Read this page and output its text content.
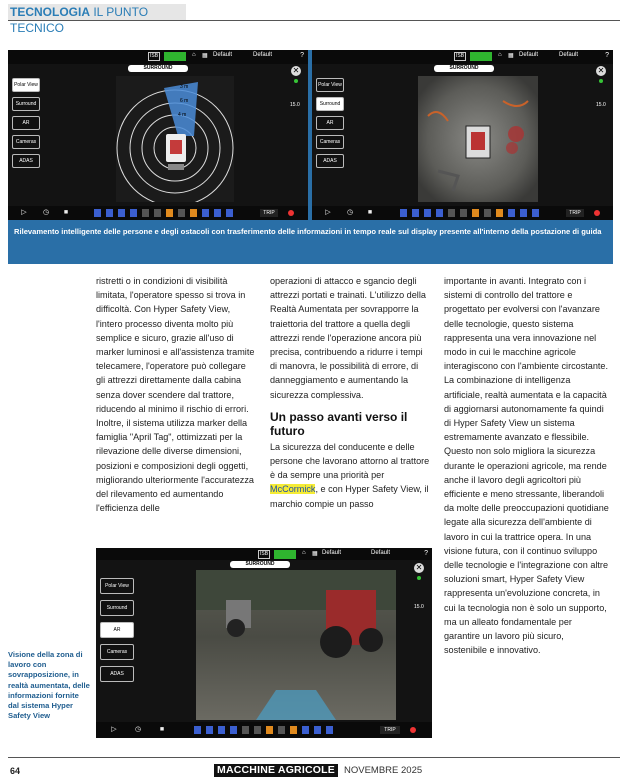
TECNOLOGIA IL PUNTO TECNICO
ISB	⌂ ▦ Default	Default	?
SURROUND
Polar View
Surround
AR
Cameras
ADAS
3 m
6 m
4 m
✕
15.0
▷ ◷ ■	TRIP
ISB	⌂ ▦ Default	Default	?
SURROUND
Polar View
Surround
AR
Cameras
ADAS
✕
15.0
▷ ◷ ■	TRIP
Rilevamento intelligente delle persone e degli ostacoli con trasferimento delle informazioni in tempo reale sul display presente all'interno della postazione di guida

ristretti o in condizioni di visibilità limitata, l'operatore spesso si trova in difficoltà. Con Hyper Safety View, l'intero processo diventa molto più semplice e sicuro, grazie all'uso di marker luminosi e all'assistenza tramite telecamere, l'operatore può collegare gli attrezzi direttamente dalla cabina senza dover scendere dal trattore, riducendo al minimo il rischio di errori. Inoltre, il sistema utilizza marker della famiglia "April Tag", ottimizzati per la rilevazione delle diverse dimensioni, posizioni e composizioni degli oggetti, migliorando ulteriormente l'accuratezza del rilevamento ed aumentando l'efficienza delle

operazioni di attacco e sgancio degli attrezzi portati e trainati. L'utilizzo della Realtà Aumentata per sovrapporre la traiettoria del trattore a quella degli attrezzi rende l'operazione ancora più precisa, contribuendo a ridurre i tempi di manovra, le possibilità di errore, di danneggiamento e aumentando la sicurezza complessiva.

Un passo avanti verso il futuro

La sicurezza del conducente e delle persone che lavorano attorno al trattore è da sempre una priorità per McCormick, e con Hyper Safety View, il marchio compie un passo

importante in avanti. Integrato con i sistemi di controllo del trattore e progettato per evolversi con l'avanzare delle tecnologie, questo sistema rappresenta una vera innovazione nel modo in cui le macchine agricole interagiscono con l'ambiente circostante.
La combinazione di intelligenza artificiale, realtà aumentata e la capacità di aggiornarsi autonomamente fa quindi di Hyper Safety View un sistema estremamente avanzato e flessibile. Questo non solo migliora la sicurezza durante le operazioni agricole, ma rende anche il lavoro degli agricoltori più efficiente e meno stressante, liberandoli da molte delle preoccupazioni quotidiane legate alla sicurezza dell'ambiente di lavoro in cui la trattrice opera. In una visione futura, con il continuo sviluppo delle tecnologie e l'integrazione con altre soluzioni smart, Hyper Safety View rappresenta un'evoluzione concreta, in cui la tecnologia non è solo un supporto, ma un alleato fondamentale per garantire un lavoro più sicuro, sostenibile e innovativo.

ISB	⌂ ▦ Default	Default	?
SURROUND
Polar View
Surround
AR
Cameras
ADAS
✕
15.0
▷	◷	■	TRIP
Visione della zona di lavoro con sovrapposizione, in realtà aumentata, delle informazioni fornite dal sistema Hyper Safety View
64	MACCHINE AGRICOLE NOVEMBRE 2025
